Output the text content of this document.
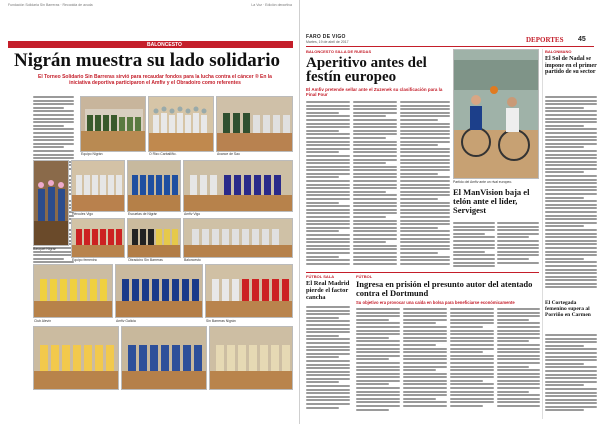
Fundación Solidaria Sin Barreras · Recogida de ayuda	La Voz · Edición deportiva
BALONCESTO
Nigrán muestra su lado solidario
El Torneo Solidario Sin Barreras sirvió para recaudar fondos para la lucha contra el cáncer ® En la iniciativa deportiva participaron el Amfiv y el Obradoiro como referentes
Equipo Nigrán	O Rizo Carballiño.	Avance de Sao
Basquet Nigran
Hércules Vigo	Escuelas de Nigrán	Amfiv Vigo
Equipo femenino	Obradoiro Sin Barreras	Baloncesto
Club Alevín	Amfiv Galicia	Sin Barreras Nigrán
FARO DE VIGO
Martes, 19 de abril de 2017	DEPORTES 45
BALONCESTO SILLA DE RUEDAS
Aperitivo antes del festín europeo
El Amfiv pretende sellar ante el Zuzenek su clasificación para la Final Four
Partido del Amfiv ante un rival europeo.
El ManVision baja el telón ante el líder, Servigest
FÚTBOL SALA
El Real Madrid pierde el factor cancha
FÚTBOL
Ingresa en prisión el presunto autor del atentado contra el Dortmund
Su objetivo era provocar una caída en bolsa para beneficiarse económicamente
BALONMANO
El Sol de Nadal se impone en el primer partido de su sector
El Cortegada femenino supera al Porriño en Carmen
